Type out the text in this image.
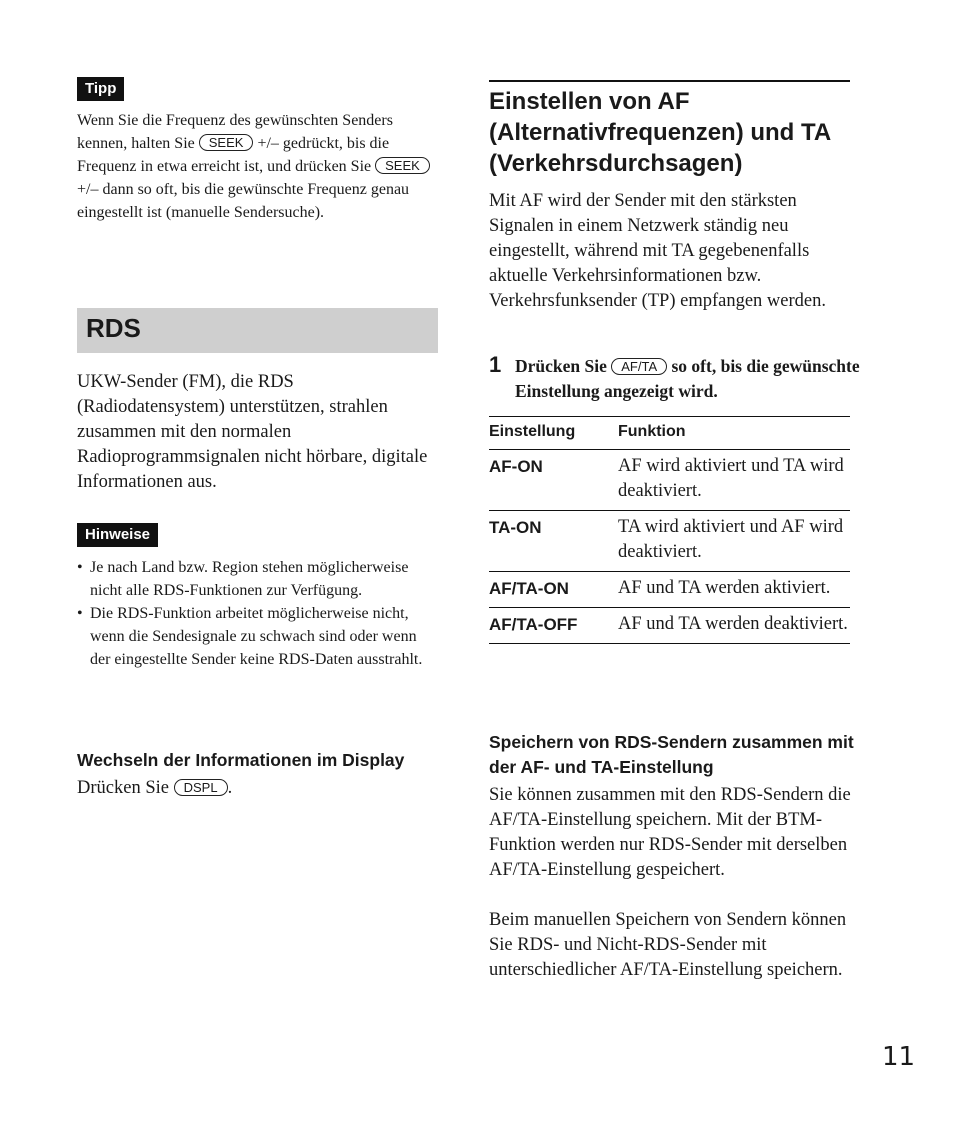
Tipp
Wenn Sie die Frequenz des gewünschten Senders kennen, halten Sie SEEK +/– gedrückt, bis die Frequenz in etwa erreicht ist, und drücken Sie SEEK +/– dann so oft, bis die gewünschte Frequenz genau eingestellt ist (manuelle Sendersuche).
RDS

UKW-Sender (FM), die RDS (Radiodatensystem) unterstützen, strahlen zusammen mit den normalen Radioprogrammsignalen nicht hörbare, digitale Informationen aus.

Hinweise
• Je nach Land bzw. Region stehen möglicherweise nicht alle RDS-Funktionen zur Verfügung.
• Die RDS-Funktion arbeitet möglicherweise nicht, wenn die Sendesignale zu schwach sind oder wenn der eingestellte Sender keine RDS-Daten ausstrahlt.
Wechseln der Informationen im Display
Drücken Sie DSPL .
Einstellen von AF (Alternativfrequenzen) und TA (Verkehrsdurchsagen)

Mit AF wird der Sender mit den stärksten Signalen in einem Netzwerk ständig neu eingestellt, während mit TA gegebenenfalls aktuelle Verkehrsinformationen bzw. Verkehrsfunksender (TP) empfangen werden.

1 Drücken Sie AF/TA so oft, bis die gewünschte Einstellung angezeigt wird.
Einstellung	Funktion
AF-ON	AF wird aktiviert und TA wird deaktiviert.
TA-ON	TA wird aktiviert und AF wird deaktiviert.
AF/TA-ON	AF und TA werden aktiviert.
AF/TA-OFF	AF und TA werden deaktiviert.
Speichern von RDS-Sendern zusammen mit der AF- und TA-Einstellung

Sie können zusammen mit den RDS-Sendern die AF/TA-Einstellung speichern. Mit der BTM-Funktion werden nur RDS-Sender mit derselben AF/TA-Einstellung gespeichert.

Beim manuellen Speichern von Sendern können Sie RDS- und Nicht-RDS-Sender mit unterschiedlicher AF/TA-Einstellung speichern.

11
